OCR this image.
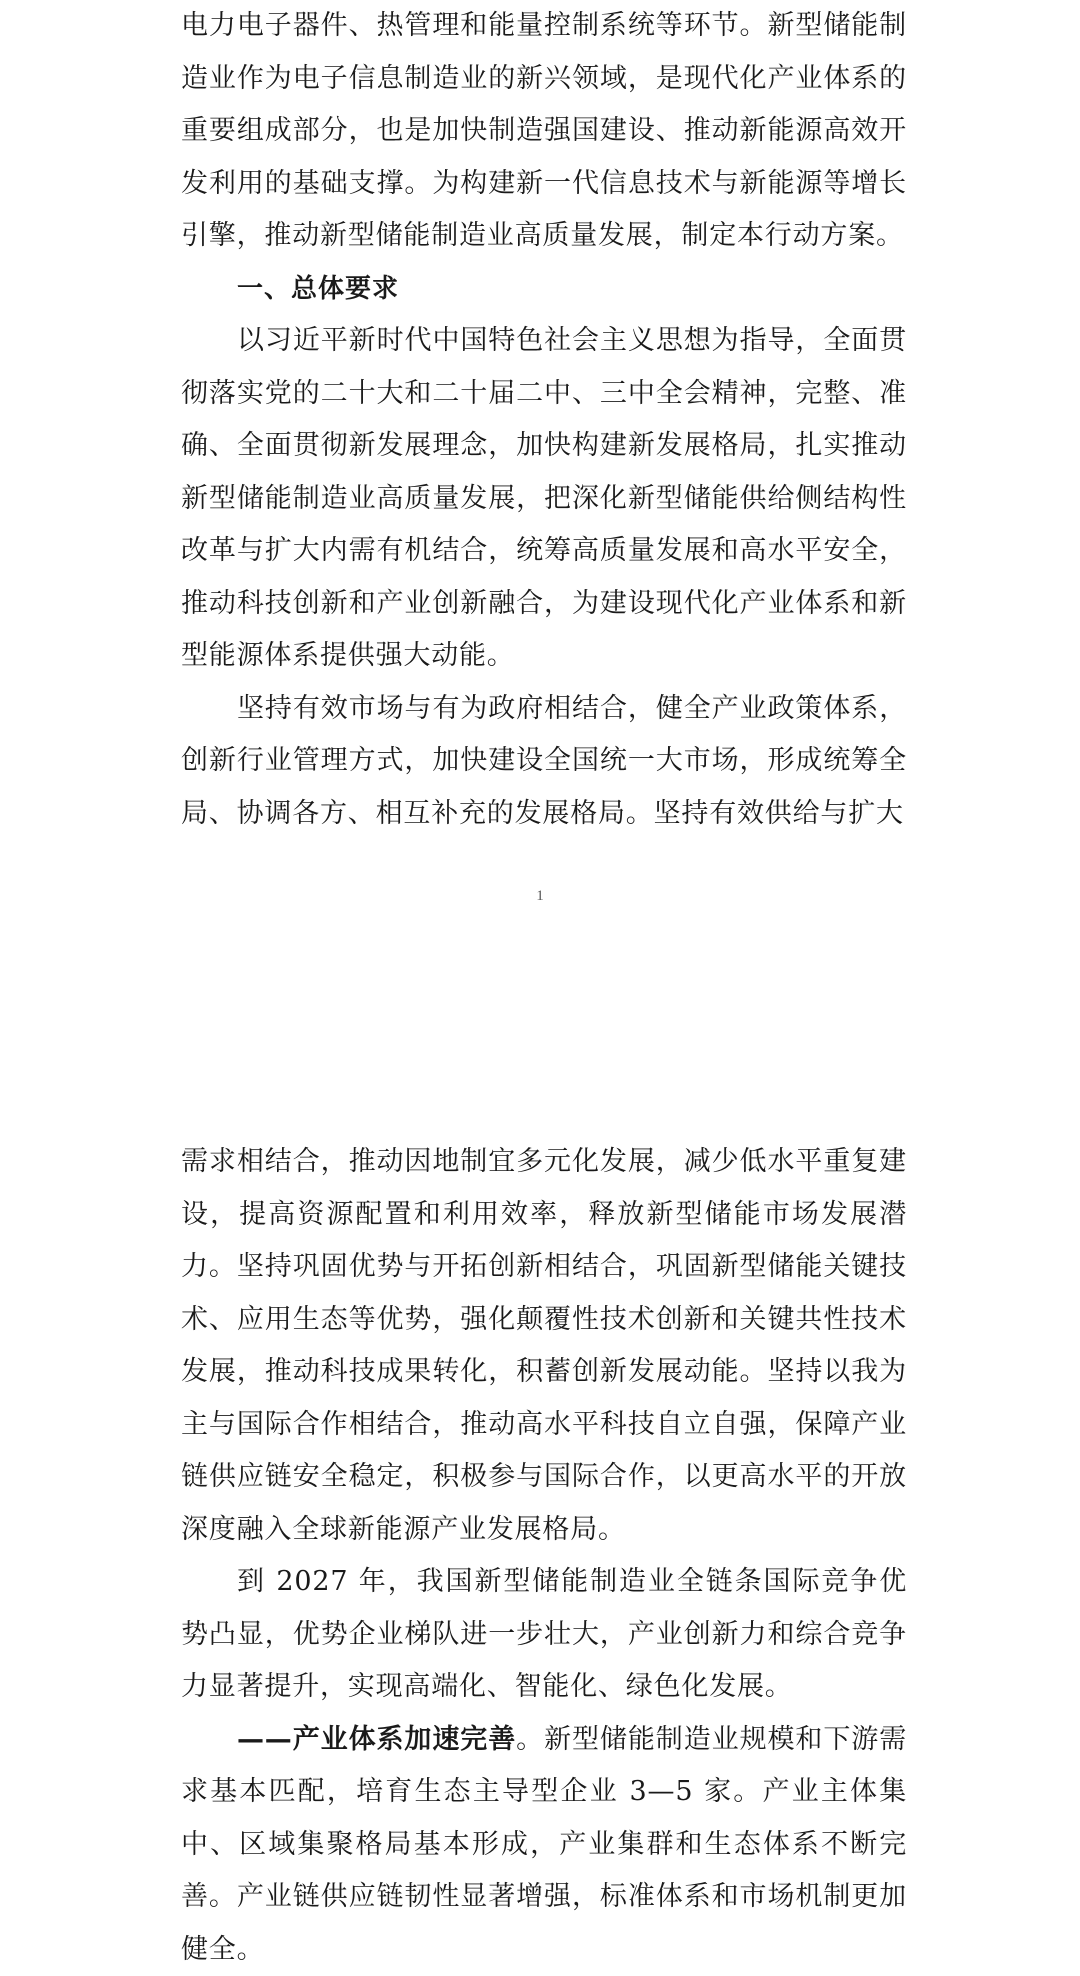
电力电子器件、热管理和能量控制系统等环节。新型储能制造业作为电子信息制造业的新兴领域，是现代化产业体系的重要组成部分，也是加快制造强国建设、推动新能源高效开发利用的基础支撑。为构建新一代信息技术与新能源等增长引擎，推动新型储能制造业高质量发展，制定本行动方案。

一、总体要求

以习近平新时代中国特色社会主义思想为指导，全面贯彻落实党的二十大和二十届二中、三中全会精神，完整、准确、全面贯彻新发展理念，加快构建新发展格局，扎实推动新型储能制造业高质量发展，把深化新型储能供给侧结构性改革与扩大内需有机结合，统筹高质量发展和高水平安全，推动科技创新和产业创新融合，为建设现代化产业体系和新型能源体系提供强大动能。

坚持有效市场与有为政府相结合，健全产业政策体系，创新行业管理方式，加快建设全国统一大市场，形成统筹全局、协调各方、相互补充的发展格局。坚持有效供给与扩大

1

需求相结合，推动因地制宜多元化发展，减少低水平重复建设，提高资源配置和利用效率，释放新型储能市场发展潜力。坚持巩固优势与开拓创新相结合，巩固新型储能关键技术、应用生态等优势，强化颠覆性技术创新和关键共性技术发展，推动科技成果转化，积蓄创新发展动能。坚持以我为主与国际合作相结合，推动高水平科技自立自强，保障产业链供应链安全稳定，积极参与国际合作，以更高水平的开放深度融入全球新能源产业发展格局。

到 2027 年，我国新型储能制造业全链条国际竞争优势凸显，优势企业梯队进一步壮大，产业创新力和综合竞争力显著提升，实现高端化、智能化、绿色化发展。

——产业体系加速完善。新型储能制造业规模和下游需求基本匹配，培育生态主导型企业 3—5 家。产业主体集中、区域集聚格局基本形成，产业集群和生态体系不断完善。产业链供应链韧性显著增强，标准体系和市场机制更加健全。
